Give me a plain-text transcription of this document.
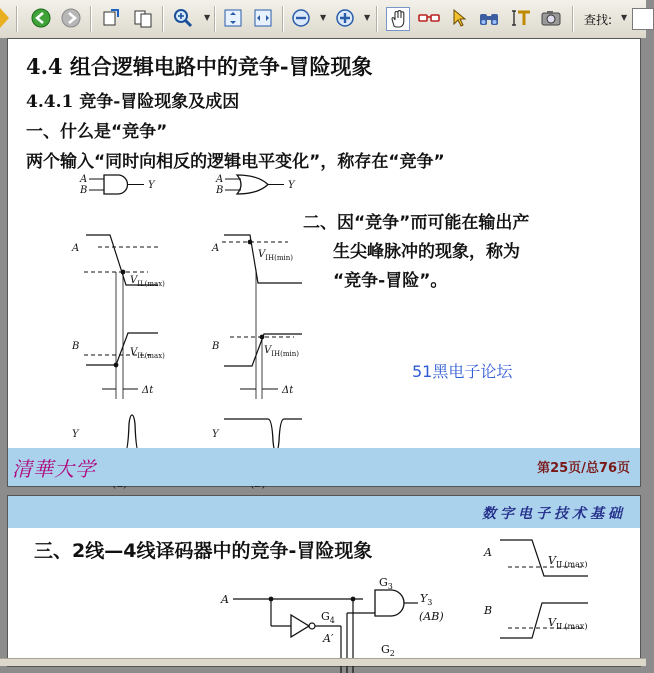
▼	▼	▼	查找: ▼
4.4 组合逻辑电路中的竞争-冒险现象
4.4.1 竞争-冒险现象及成因
一、什么是“竞争”
两个输入“同时向相反的逻辑电平变化”，称存在“竞争”
A
B	Y
A
B	Y
A
$V_{IL(max)}$
B
$V_{IL(max)}$
Δt
Y
A
$V_{IH(min)}$
B	$V_{IH(min)}$
Δt
Y
二、因“竞争”而可能在输出产
生尖峰脉冲的现象，称为
“竞争-冒险”。
51黑电子论坛
清華大学	第25页/总76页
数字电子技术基础
三、2线—4线译码器中的竞争-冒险现象
A
$G_3$
$G_4$
A′
$G_2$
$Y_3$
(AB)
A
$V_{IL(max)}$
B
$V_{IL(max)}$
